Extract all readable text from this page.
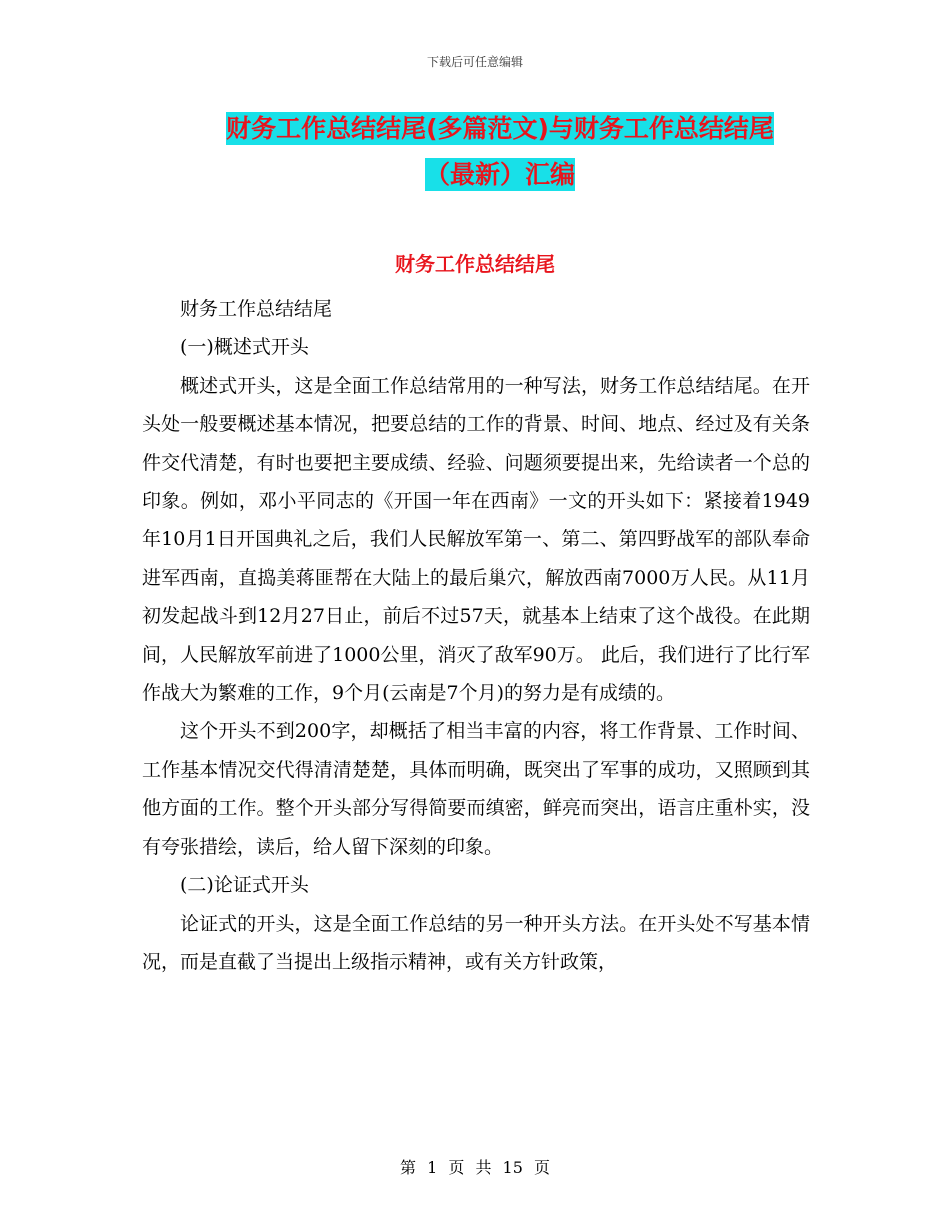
下载后可任意编辑
财务工作总结结尾(多篇范文)与财务工作总结结尾
（最新）汇编
财务工作总结结尾

财务工作总结结尾

(一)概述式开头

概述式开头，这是全面工作总结常用的一种写法，财务工作总结结尾。在开头处一般要概述基本情况，把要总结的工作的背景、时间、地点、经过及有关条件交代清楚，有时也要把主要成绩、经验、问题须要提出来，先给读者一个总的印象。例如，邓小平同志的《开国一年在西南》一文的开头如下：紧接着1949年10月1日开国典礼之后，我们人民解放军第一、第二、第四野战军的部队奉命进军西南，直捣美蒋匪帮在大陆上的最后巢穴，解放西南7000万人民。从11月初发起战斗到12月27日止，前后不过57天，就基本上结束了这个战役。在此期间，人民解放军前进了1000公里，消灭了敌军90万。 此后，我们进行了比行军作战大为繁难的工作，9个月(云南是7个月)的努力是有成绩的。

这个开头不到200字，却概括了相当丰富的内容，将工作背景、工作时间、工作基本情况交代得清清楚楚，具体而明确，既突出了军事的成功，又照顾到其他方面的工作。整个开头部分写得简要而缜密，鲜亮而突出，语言庄重朴实，没有夸张措绘，读后，给人留下深刻的印象。

(二)论证式开头

论证式的开头，这是全面工作总结的另一种开头方法。在开头处不写基本情况，而是直截了当提出上级指示精神，或有关方针政策，

第 1 页 共 15 页
